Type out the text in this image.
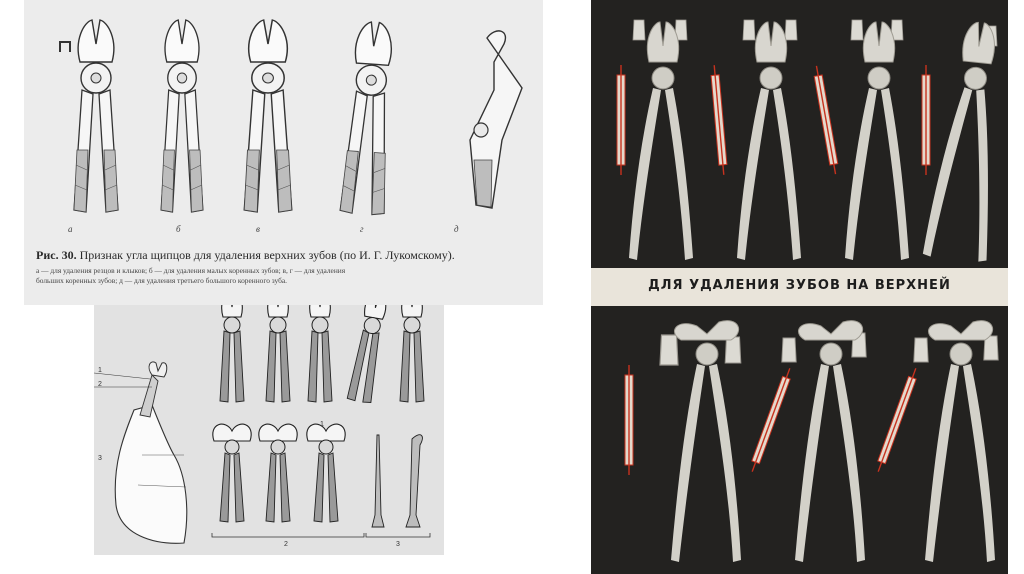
а	б	в	г	д
Рис. 30. Признак угла щипцов для удаления верхних зубов (по И. Г. Лукомскому).
а — для удаления резцов и клыков; б — для удаления малых коренных зубов; в, г — для удаления
больших коренных зубов; д — для удаления третьего большого коренного зуба.
1
2
3
1
2	3
ДЛЯ УДАЛЕНИЯ ЗУБОВ НА ВЕРХНЕЙ
